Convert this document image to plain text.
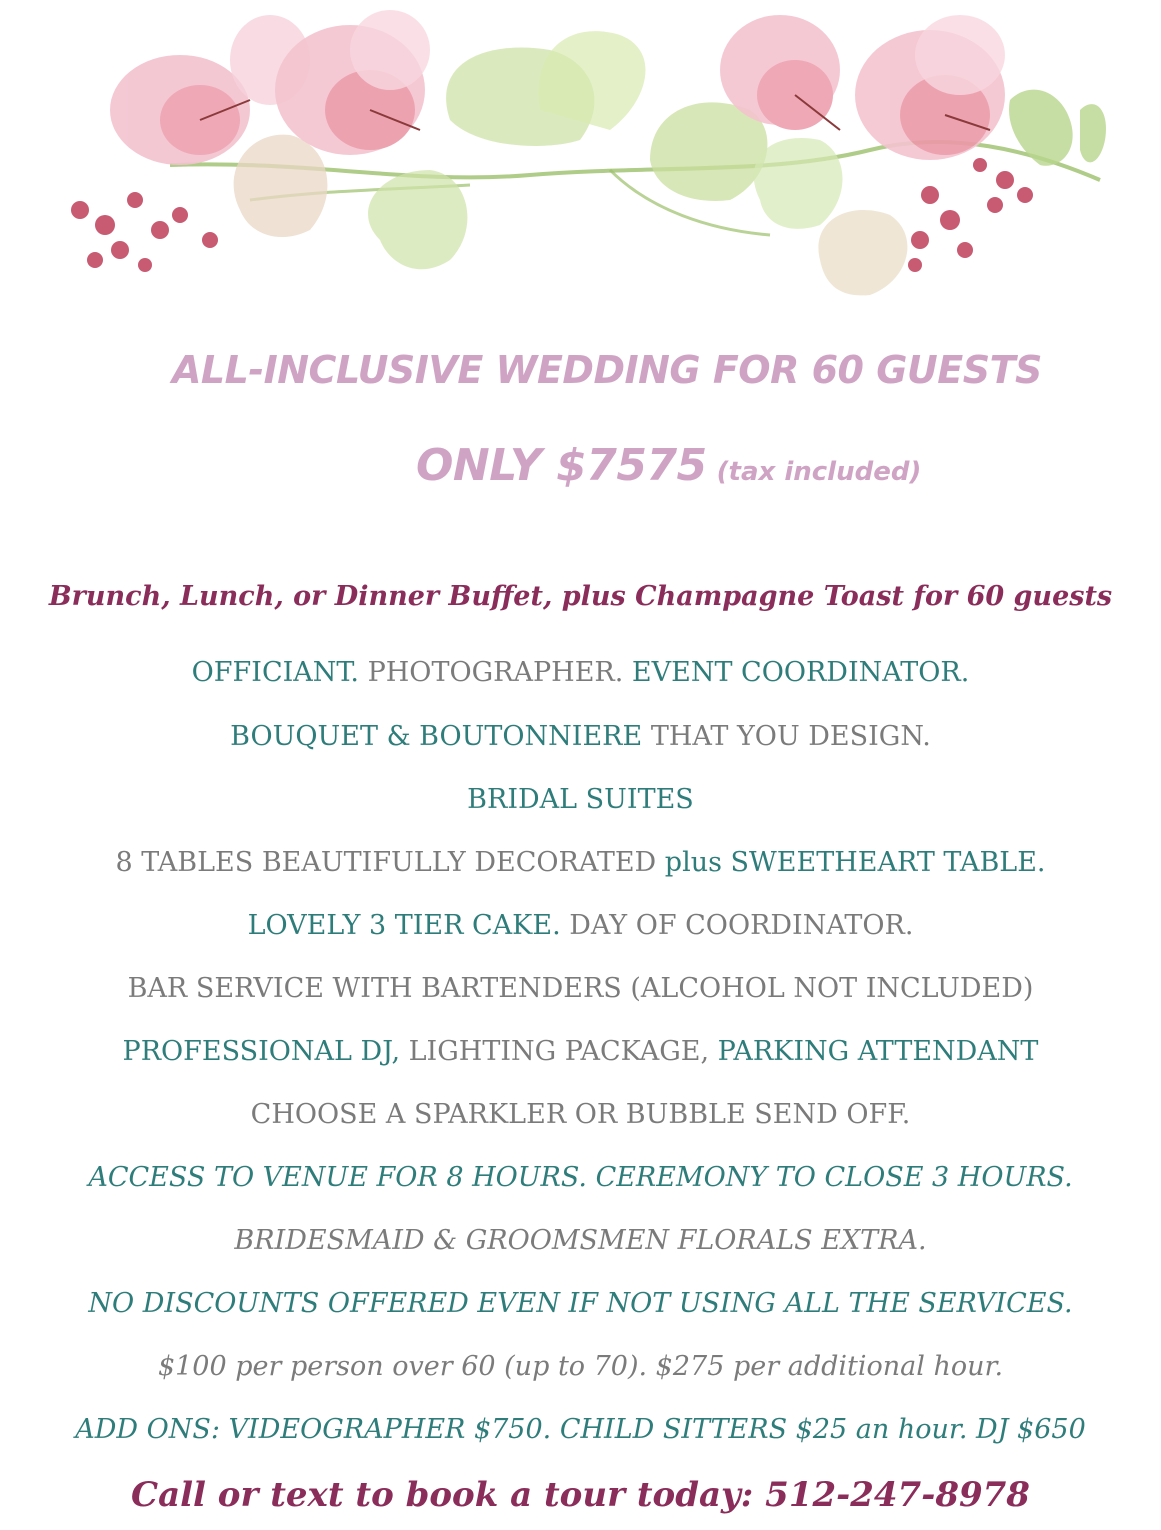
ALL-INCLUSIVE WEDDING FOR 60 GUESTS
ONLY $7575 (tax included)
Brunch, Lunch, or Dinner Buffet, plus Champagne Toast for 60 guests
OFFICIANT. PHOTOGRAPHER. EVENT COORDINATOR.
BOUQUET & BOUTONNIERE THAT YOU DESIGN.
BRIDAL SUITES
8 TABLES BEAUTIFULLY DECORATED plus SWEETHEART TABLE.
LOVELY 3 TIER CAKE. DAY OF COORDINATOR.
BAR SERVICE WITH BARTENDERS (ALCOHOL NOT INCLUDED)
PROFESSIONAL DJ, LIGHTING PACKAGE, PARKING ATTENDANT
CHOOSE A SPARKLER OR BUBBLE SEND OFF.
ACCESS TO VENUE FOR 8 HOURS. CEREMONY TO CLOSE 3 HOURS.
BRIDESMAID & GROOMSMEN FLORALS EXTRA.
NO DISCOUNTS OFFERED EVEN IF NOT USING ALL THE SERVICES.
$100 per person over 60 (up to 70). $275 per additional hour.
ADD ONS: VIDEOGRAPHER $750. CHILD SITTERS $25 an hour. DJ $650
Call or text to book a tour today: 512-247-8978
